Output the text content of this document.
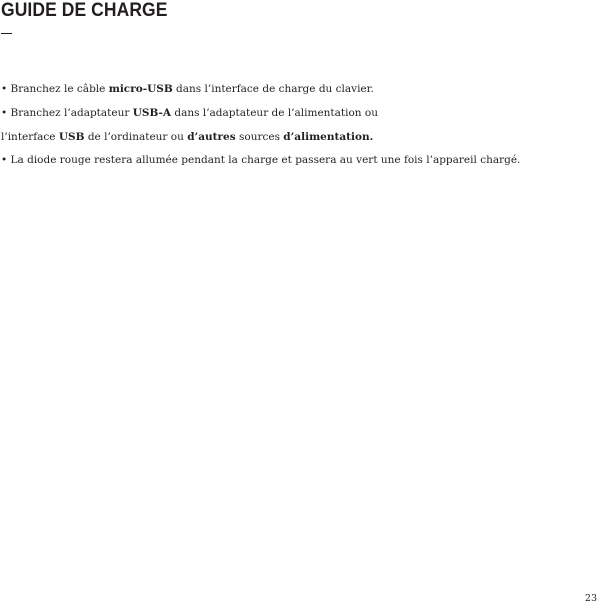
GUIDE DE CHARGE
• Branchez le câble micro-USB dans l’interface de charge du clavier.
• Branchez l’adaptateur USB-A dans l’adaptateur de l’alimentation ou
l’interface USB de l’ordinateur ou d’autres sources d’alimentation.
• La diode rouge restera allumée pendant la charge et passera au vert une fois l’appareil chargé.
23
